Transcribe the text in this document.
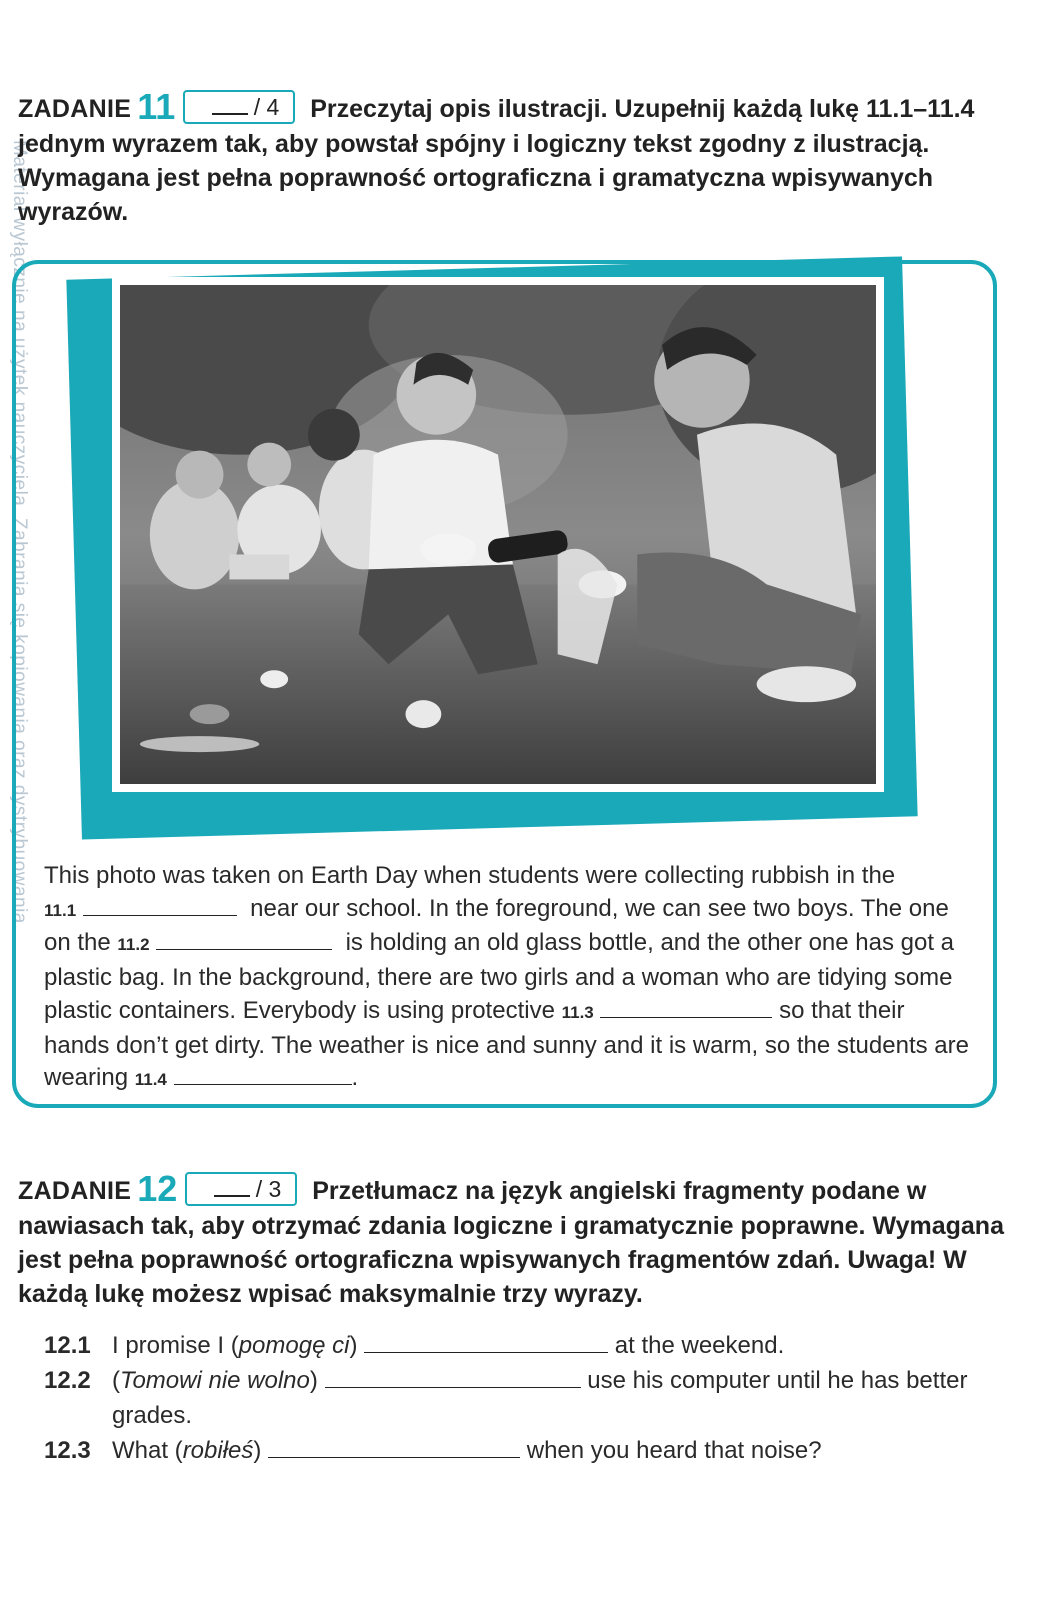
Materiał wyłącznie na użytek nauczyciela. Zabrania się kopiowania oraz dystrybuowania.
ZADANIE 11	/ 4 Przeczytaj opis ilustracji. Uzupełnij każdą lukę 11.1–11.4 jednym wyrazem tak, aby powstał spójny i logiczny tekst zgodny z ilustracją. Wymagana jest pełna poprawność ortograficzna i gramatyczna wpisywanych wyrazów.
This photo was taken on Earth Day when students were collecting rubbish in the
11.1	near our school. In the foreground, we can see two boys. The one on the 11.2	is holding an old glass bottle, and the other one has got a plastic bag. In the background, there are two girls and a woman who are tidying some plastic containers. Everybody is using protective 11.3	so that their hands don’t get dirty. The weather is nice and sunny and it is warm, so the students are wearing 11.4	.
ZADANIE 12	/ 3 Przetłumacz na język angielski fragmenty podane w nawiasach tak, aby otrzymać zdania logiczne i gramatycznie poprawne. Wymagana jest pełna poprawność ortograficzna wpisywanych fragmentów zdań. Uwaga! W każdą lukę możesz wpisać maksymalnie trzy wyrazy.
12.1 I promise I (pomogę ci)	at the weekend.
12.2 (Tomowi nie wolno)	use his computer until he has better grades.
12.3 What (robiłeś)	when you heard that noise?
